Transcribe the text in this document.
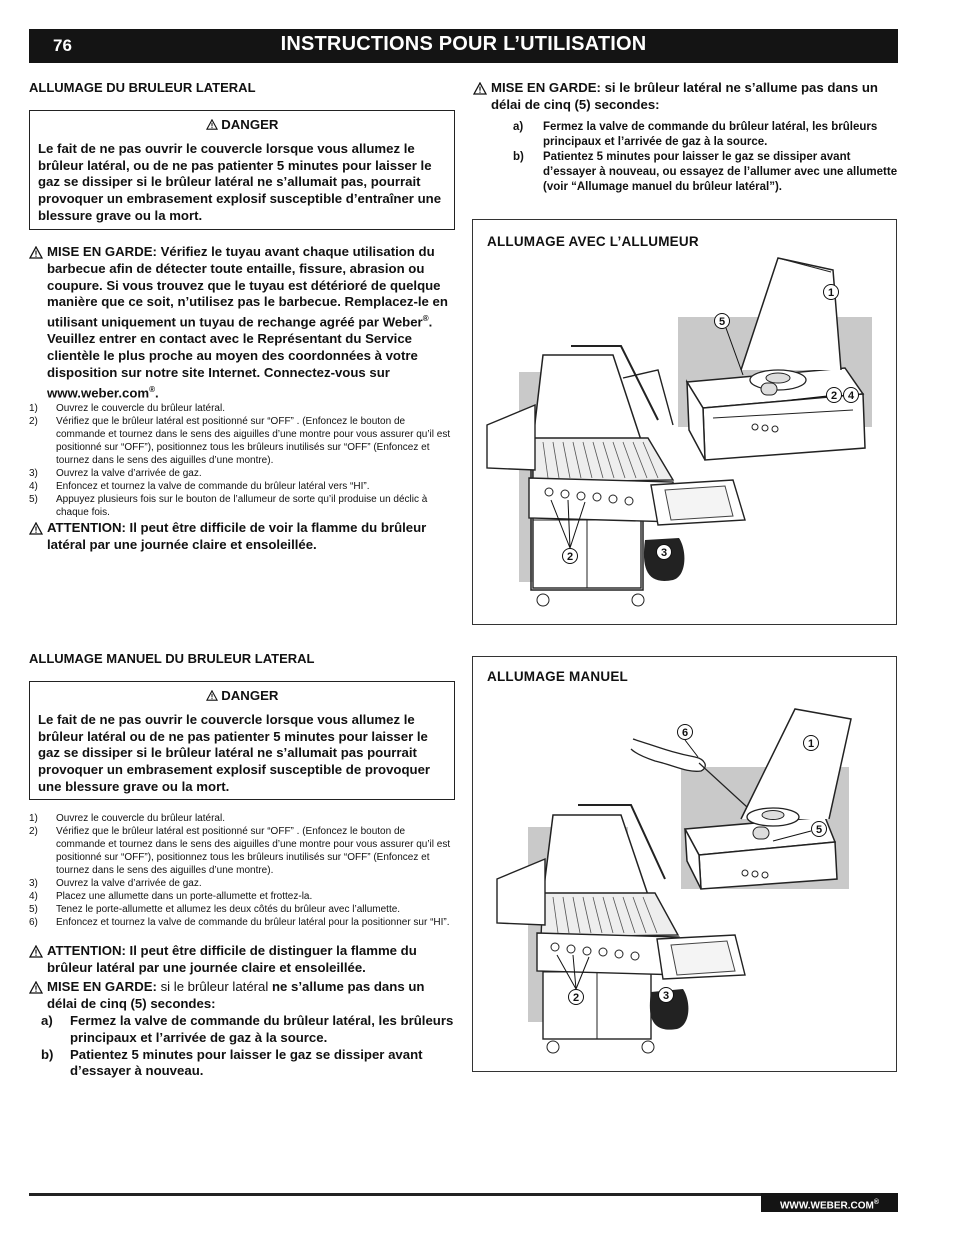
76	INSTRUCTIONS POUR L’UTILISATION
ALLUMAGE DU BRULEUR LATERAL
DANGER
Le fait de ne pas ouvrir le couvercle lorsque vous allumez le brûleur latéral, ou de ne pas patienter 5 minutes pour laisser le gaz se dissiper si le brûleur latéral ne s’allumait pas, pourrait provoquer un embrasement explosif susceptible d’entraîner une blessure grave ou la mort.
MISE EN GARDE: Vérifiez le tuyau avant chaque utilisation du barbecue afin de détecter toute entaille, fissure, abrasion ou coupure. Si vous trouvez que le tuyau est détérioré de quelque manière que ce soit, n’utilisez pas le barbecue. Remplacez-le en utilisant uniquement un tuyau de rechange agréé par Weber®. Veuillez entrer en contact avec le Représentant du Service clientèle le plus proche au moyen des coordonnées à votre disposition sur notre site Internet. Connectez-vous sur www.weber.com®.
1) Ouvrez le couvercle du brûleur latéral.
2) Vérifiez que le brûleur latéral est positionné sur “OFF” . (Enfoncez le bouton de commande et tournez dans le sens des aiguilles d’une montre pour vous assurer qu’il est positionné sur “OFF”), positionnez tous les brûleurs inutilisés sur “OFF” (Enfoncez et tournez dans le sens des aiguilles d’une montre).
3) Ouvrez la valve d’arrivée de gaz.
4) Enfoncez et tournez la valve de commande du brûleur latéral vers “HI”.
5) Appuyez plusieurs fois sur le bouton de l’allumeur de sorte qu’il produise un déclic à chaque fois.
ATTENTION: Il peut être difficile de voir la flamme du brûleur latéral par une journée claire et ensoleillée.
MISE EN GARDE: si le brûleur latéral ne s’allume pas dans un délai de cinq (5) secondes:
a) Fermez la valve de commande du brûleur latéral, les brûleurs principaux et l’arrivée de gaz à la source.
b) Patientez 5 minutes pour laisser le gaz se dissiper avant d’essayer à nouveau, ou essayez de l’allumer avec une allumette (voir “Allumage manuel du brûleur latéral”).
ALLUMAGE AVEC L’ALLUMEUR
1
5
2 4
2	3
ALLUMAGE MANUEL DU BRULEUR LATERAL
DANGER
Le fait de ne pas ouvrir le couvercle lorsque vous allumez le brûleur latéral ou de ne pas patienter 5 minutes pour laisser le gaz se dissiper si le brûleur latéral ne s’allumait pas pourrait provoquer un embrasement explosif susceptible de provoquer une blessure grave ou la mort.
1) Ouvrez le couvercle du brûleur latéral.
2) Vérifiez que le brûleur latéral est positionné sur “OFF” . (Enfoncez le bouton de commande et tournez dans le sens des aiguilles d’une montre pour vous assurer qu’il est positionné sur “OFF”), positionnez tous les brûleurs inutilisés sur “OFF” (Enfoncez et tournez dans le sens des aiguilles d’une montre).
3) Ouvrez la valve d’arrivée de gaz.
4) Placez une allumette dans un porte-allumette et frottez-la.
5) Tenez le porte-allumette et allumez les deux côtés du brûleur avec l’allumette.
6) Enfoncez et tournez la valve de commande du brûleur latéral pour la positionner sur “HI”.
ATTENTION: Il peut être difficile de distinguer la flamme du brûleur latéral par une journée claire et ensoleillée.
MISE EN GARDE: si le brûleur latéral ne s’allume pas dans un délai de cinq (5) secondes:
a) Fermez la valve de commande du brûleur latéral, les brûleurs principaux et l’arrivée de gaz à la source.
b) Patientez 5 minutes pour laisser le gaz se dissiper avant d’essayer à nouveau.
ALLUMAGE MANUEL
6
1
5
2	3
WWW.WEBER.COM®
